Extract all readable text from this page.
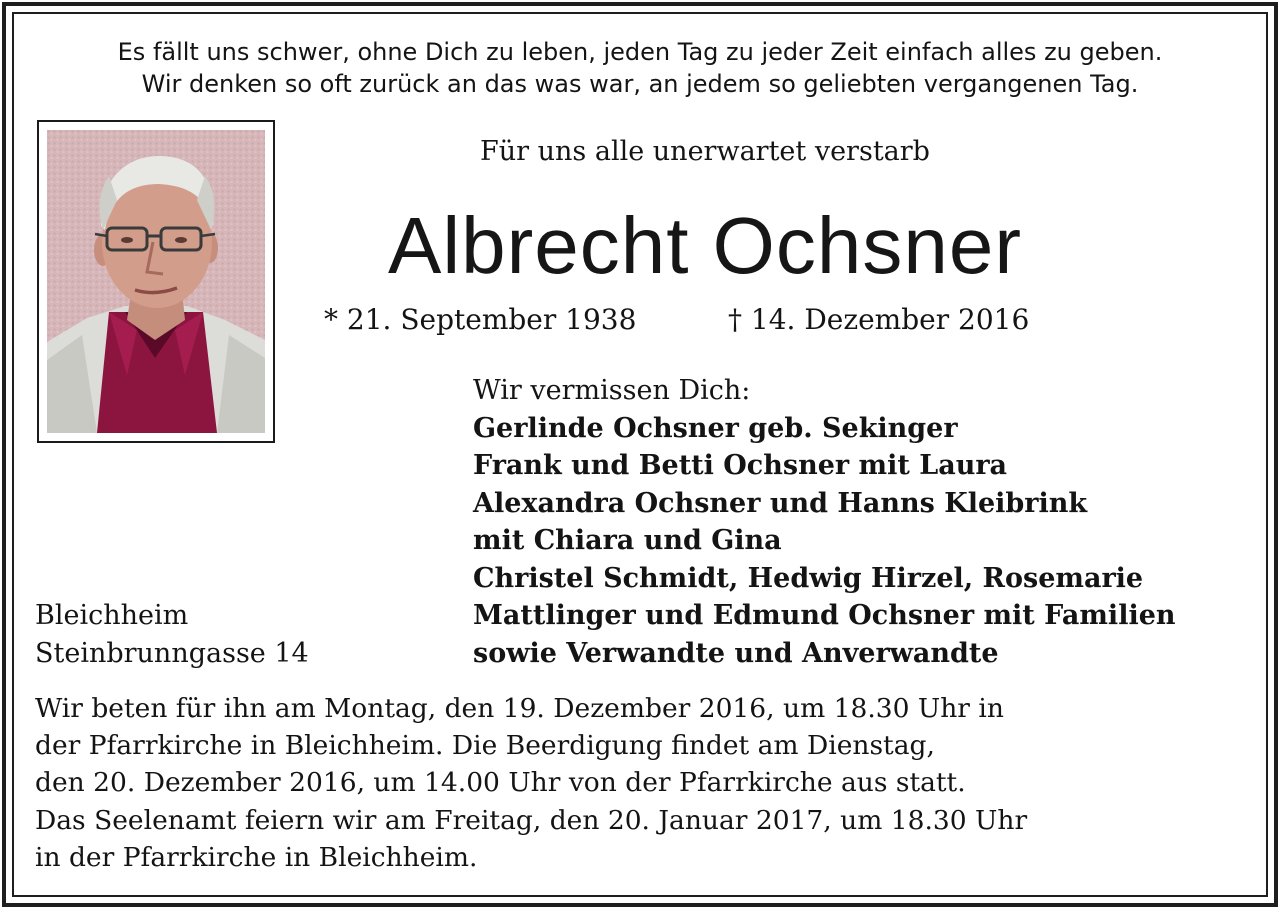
Es fällt uns schwer, ohne Dich zu leben, jeden Tag zu jeder Zeit einfach alles zu geben.
Wir denken so oft zurück an das was war, an jedem so geliebten vergangenen Tag.
Für uns alle unerwartet verstarb
Albrecht Ochsner
* 21. September 1938	† 14. Dezember 2016
Wir vermissen Dich:
Gerlinde Ochsner geb. Sekinger
Frank und Betti Ochsner mit Laura
Alexandra Ochsner und Hanns Kleibrink
mit Chiara und Gina
Christel Schmidt, Hedwig Hirzel, Rosemarie
Mattlinger und Edmund Ochsner mit Familien
sowie Verwandte und Anverwandte
Bleichheim
Steinbrunngasse 14
Wir beten für ihn am Montag, den 19. Dezember 2016, um 18.30 Uhr in
der Pfarrkirche in Bleichheim. Die Beerdigung findet am Dienstag,
den 20. Dezember 2016, um 14.00 Uhr von der Pfarrkirche aus statt.
Das Seelenamt feiern wir am Freitag, den 20. Januar 2017, um 18.30 Uhr
in der Pfarrkirche in Bleichheim.
